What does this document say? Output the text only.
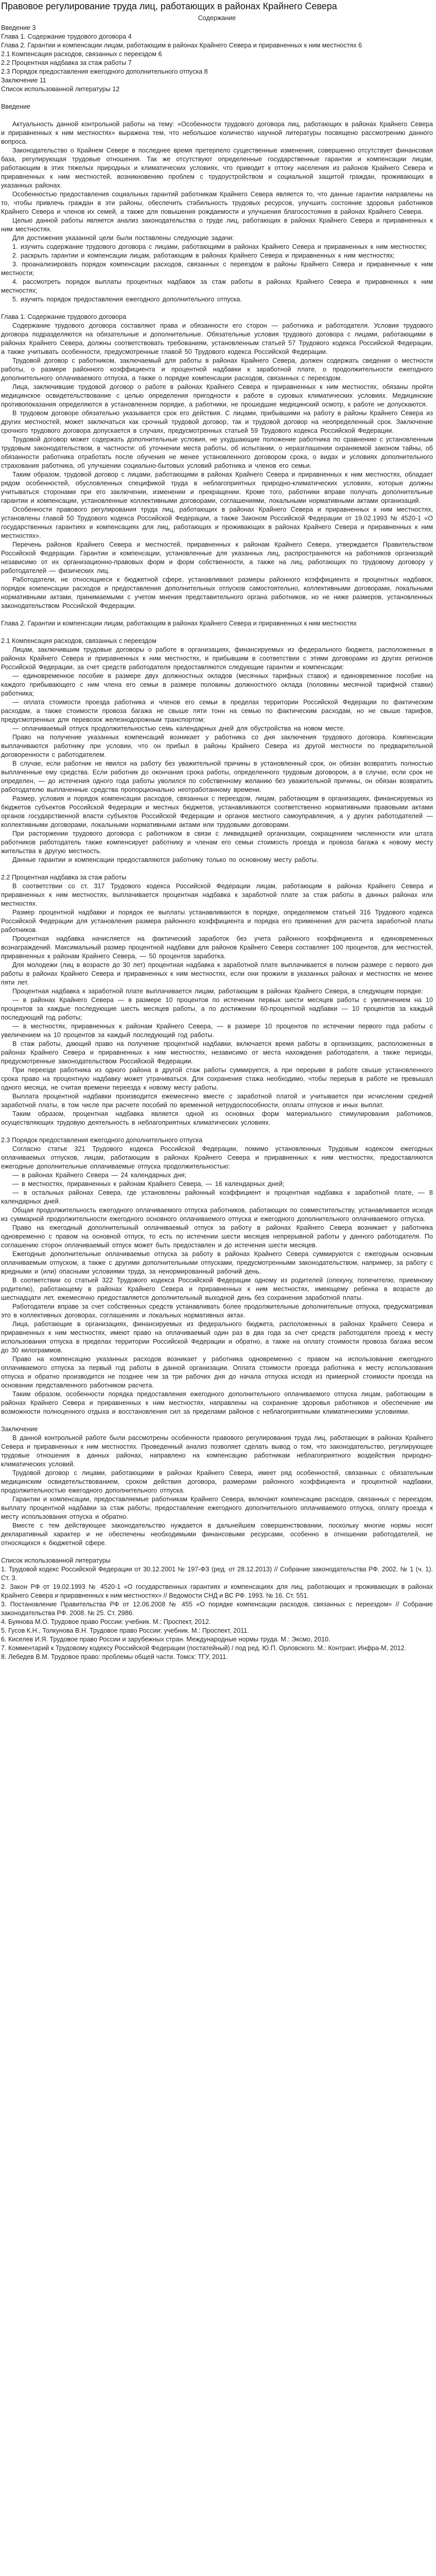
Правовое регулирование труда лиц, работающих в районах Крайнего Севера

Содержание

Введение 3

Глава 1. Содержание трудового договора 4

Глава 2. Гарантии и компенсации лицам, работающим в районах Крайнего Севера и приравненных к ним местностях 6

2.1 Компенсация расходов, связанных с переездом 6

2.2 Процентная надбавка за стаж работы 7

2.3 Порядок предоставления ежегодного дополнительного отпуска 8

Заключение 11

Список использованной литературы 12

Введение

Актуальность данной контрольной работы на тему: «Особенности трудового договора лиц, работающих в районах Крайнего Севера и приравненных к ним местностях» выражена тем, что небольшое количество научной литературы посвящено рассмотрению данного вопроса.

Законодательство о Крайнем Севере в последнее время претерпело существенные изменения, совершенно отсутствует финансовая база, регулирующая трудовые отношения. Так же отсутствуют определенные государственные гарантии и компенсации лицам, работающим в этих тяжелых природных и климатических условиях, что приводит к оттоку населения из районов Крайнего Севера и приравненных к ним местностей, возникновению проблем с трудоустройством и социальной защитой граждан, проживающих в указанных районах.

Особенностью предоставления социальных гарантий работникам Крайнего Севера является то, что данные гарантии направлены на то, чтобы привлечь граждан в эти районы, обеспечить стабильность трудовых ресурсов, улучшить состояние здоровья работников Крайнего Севера и членов их семей, а также для повышения рождаемости и улучшения благосостояния в районах Крайнего Севера.

Целью данной работы является анализ законодательства о труде лиц, работающих в районах Крайнего Севера и приравненных к ним местностях.

Для достижения указанной цели были поставлены следующие задачи:

1. изучить содержание трудового договора с лицами, работающими в районах Крайнего Севера и приравненных к ним местностях;

2. раскрыть гарантии и компенсации лицам, работающим в районах Крайнего Севера и приравненных к ним местностях;

3. проанализировать порядок компенсации расходов, связанных с переездом в районы Крайнего Севера и приравненные к ним местности;

4. рассмотреть порядок выплаты процентных надбавок за стаж работы в районах Крайнего Севера и приравненных к ним местностях;

5. изучить порядок предоставления ежегодного дополнительного отпуска.

Глава 1. Содержание трудового договора

Содержание трудового договора составляют права и обязанности его сторон — работника и работодателя. Условия трудового договора подразделяются на обязательные и дополнительные. Обязательные условия трудового договора с лицами, работающими в районах Крайнего Севера, должны соответствовать требованиям, установленным статьей 57 Трудового кодекса Российской Федерации, а также учитывать особенности, предусмотренные главой 50 Трудового кодекса Российской Федерации.

Трудовой договор с работником, заключаемый для работы в районах Крайнего Севера, должен содержать сведения о местности работы, о размере районного коэффициента и процентной надбавки к заработной плате, о продолжительности ежегодного дополнительного оплачиваемого отпуска, а также о порядке компенсации расходов, связанных с переездом.

Лица, заключившие трудовой договор о работе в районах Крайнего Севера и приравненных к ним местностях, обязаны пройти медицинское освидетельствование с целью определения пригодности к работе в суровых климатических условиях. Медицинские противопоказания определяются в установленном порядке, а работники, не прошедшие медицинский осмотр, к работе не допускаются.

В трудовом договоре обязательно указывается срок его действия. С лицами, прибывшими на работу в районы Крайнего Севера из других местностей, может заключаться как срочный трудовой договор, так и трудовой договор на неопределенный срок. Заключение срочного трудового договора допускается в случаях, предусмотренных статьей 59 Трудового кодекса Российской Федерации.

Трудовой договор может содержать дополнительные условия, не ухудшающие положение работника по сравнению с установленным трудовым законодательством, в частности: об уточнении места работы, об испытании, о неразглашении охраняемой законом тайны, об обязанности работника отработать после обучения не менее установленного договором срока, о видах и условиях дополнительного страхования работника, об улучшении социально-бытовых условий работника и членов его семьи.

Таким образом, трудовой договор с лицами, работающими в районах Крайнего Севера и приравненных к ним местностях, обладает рядом особенностей, обусловленных спецификой труда в неблагоприятных природно-климатических условиях, которые должны учитываться сторонами при его заключении, изменении и прекращении. Кроме того, работники вправе получать дополнительные гарантии и компенсации, установленные коллективными договорами, соглашениями, локальными нормативными актами организаций.

Особенности правового регулирования труда лиц, работающих в районах Крайнего Севера и приравненных к ним местностях, установлены главой 50 Трудового кодекса Российской Федерации, а также Законом Российской Федерации от 19.02.1993 № 4520-1 «О государственных гарантиях и компенсациях для лиц, работающих и проживающих в районах Крайнего Севера и приравненных к ним местностях».

Перечень районов Крайнего Севера и местностей, приравненных к районам Крайнего Севера, утверждается Правительством Российской Федерации. Гарантии и компенсации, установленные для указанных лиц, распространяются на работников организаций независимо от их организационно-правовых форм и форм собственности, а также на лиц, работающих по трудовому договору у работодателей — физических лиц.

Работодатели, не относящиеся к бюджетной сфере, устанавливают размеры районного коэффициента и процентных надбавок, порядок компенсации расходов и предоставления дополнительных отпусков самостоятельно, коллективными договорами, локальными нормативными актами, принимаемыми с учетом мнения представительного органа работников, но не ниже размеров, установленных законодательством Российской Федерации.

Глава 2. Гарантии и компенсации лицам, работающим в районах Крайнего Севера и приравненных к ним местностях

2.1 Компенсация расходов, связанных с переездом

Лицам, заключившим трудовые договоры о работе в организациях, финансируемых из федерального бюджета, расположенных в районах Крайнего Севера и приравненных к ним местностях, и прибывшим в соответствии с этими договорами из других регионов Российской Федерации, за счет средств работодателя предоставляются следующие гарантии и компенсации:

— единовременное пособие в размере двух должностных окладов (месячных тарифных ставок) и единовременное пособие на каждого прибывающего с ним члена его семьи в размере половины должностного оклада (половины месячной тарифной ставки) работника;

— оплата стоимости проезда работника и членов его семьи в пределах территории Российской Федерации по фактическим расходам, а также стоимости провоза багажа не свыше пяти тонн на семью по фактическим расходам, но не свыше тарифов, предусмотренных для перевозок железнодорожным транспортом;

— оплачиваемый отпуск продолжительностью семь календарных дней для обустройства на новом месте.

Право на получение указанных компенсаций возникает у работника со дня заключения трудового договора. Компенсации выплачиваются работнику при условии, что он прибыл в районы Крайнего Севера из другой местности по предварительной договоренности с работодателем.

В случае, если работник не явился на работу без уважительной причины в установленный срок, он обязан возвратить полностью выплаченные ему средства. Если работник до окончания срока работы, определенного трудовым договором, а в случае, если срок не определен, — до истечения одного года работы уволился по собственному желанию без уважительной причины, он обязан возвратить работодателю выплаченные средства пропорционально неотработанному времени.

Размер, условия и порядок компенсации расходов, связанных с переездом, лицам, работающим в организациях, финансируемых из бюджетов субъектов Российской Федерации и местных бюджетов, устанавливаются соответственно нормативными правовыми актами органов государственной власти субъектов Российской Федерации и органов местного самоуправления, а у других работодателей — коллективными договорами, локальными нормативными актами или трудовыми договорами.

При расторжении трудового договора с работником в связи с ликвидацией организации, сокращением численности или штата работников работодатель также компенсирует работнику и членам его семьи стоимость проезда и провоза багажа к новому месту жительства в другую местность.

Данные гарантии и компенсации предоставляются работнику только по основному месту работы.

2.2 Процентная надбавка за стаж работы

В соответствии со ст. 317 Трудового кодекса Российской Федерации лицам, работающим в районах Крайнего Севера и приравненных к ним местностях, выплачивается процентная надбавка к заработной плате за стаж работы в данных районах или местностях.

Размер процентной надбавки и порядок ее выплаты устанавливаются в порядке, определяемом статьей 316 Трудового кодекса Российской Федерации для установления размера районного коэффициента и порядка его применения для расчета заработной платы работников.

Процентная надбавка начисляется на фактический заработок без учета районного коэффициента и единовременных вознаграждений. Максимальный размер процентной надбавки для районов Крайнего Севера составляет 100 процентов, для местностей, приравненных к районам Крайнего Севера, — 50 процентов заработка.

Для молодежи (лиц в возрасте до 30 лет) процентная надбавка к заработной плате выплачивается в полном размере с первого дня работы в районах Крайнего Севера и приравненных к ним местностях, если они прожили в указанных районах и местностях не менее пяти лет.

Процентная надбавка к заработной плате выплачивается лицам, работающим в районах Крайнего Севера, в следующем порядке:

— в районах Крайнего Севера — в размере 10 процентов по истечении первых шести месяцев работы с увеличением на 10 процентов за каждые последующие шесть месяцев работы, а по достижении 60-процентной надбавки — 10 процентов за каждый последующий год работы;

— в местностях, приравненных к районам Крайнего Севера, — в размере 10 процентов по истечении первого года работы с увеличением на 10 процентов за каждый последующий год работы.

В стаж работы, дающий право на получение процентной надбавки, включается время работы в организациях, расположенных в районах Крайнего Севера и приравненных к ним местностях, независимо от места нахождения работодателя, а также периоды, предусмотренные законодательством Российской Федерации.

При переезде работника из одного района в другой стаж работы суммируется, а при перерыве в работе свыше установленного срока право на процентную надбавку может утрачиваться. Для сохранения стажа необходимо, чтобы перерыв в работе не превышал одного месяца, не считая времени переезда к новому месту работы.

Выплата процентной надбавки производится ежемесячно вместе с заработной платой и учитывается при исчислении средней заработной платы, в том числе при расчете пособий по временной нетрудоспособности, оплаты отпусков и иных выплат.

Таким образом, процентная надбавка является одной из основных форм материального стимулирования работников, осуществляющих трудовую деятельность в неблагоприятных климатических условиях.

2.3 Порядок предоставления ежегодного дополнительного отпуска

Согласно статье 321 Трудового кодекса Российской Федерации, помимо установленных Трудовым кодексом ежегодных оплачиваемых отпусков, лицам, работающим в районах Крайнего Севера и приравненных к ним местностях, предоставляются ежегодные дополнительные оплачиваемые отпуска продолжительностью:

— в районах Крайнего Севера — 24 календарных дня;

— в местностях, приравненных к районам Крайнего Севера, — 16 календарных дней;

— в остальных районах Севера, где установлены районный коэффициент и процентная надбавка к заработной плате, — 8 календарных дней.

Общая продолжительность ежегодного оплачиваемого отпуска работников, работающих по совместительству, устанавливается исходя из суммарной продолжительности ежегодного основного оплачиваемого отпуска и ежегодного дополнительного оплачиваемого отпуска.

Право на ежегодный дополнительный оплачиваемый отпуск за работу в районах Крайнего Севера возникает у работника одновременно с правом на основной отпуск, то есть по истечении шести месяцев непрерывной работы у данного работодателя. По соглашению сторон оплачиваемый отпуск может быть предоставлен и до истечения шести месяцев.

Ежегодные дополнительные оплачиваемые отпуска за работу в районах Крайнего Севера суммируются с ежегодным основным оплачиваемым отпуском, а также с другими дополнительными отпусками, предусмотренными законодательством, например, за работу с вредными и (или) опасными условиями труда, за ненормированный рабочий день.

В соответствии со статьей 322 Трудового кодекса Российской Федерации одному из родителей (опекуну, попечителю, приемному родителю), работающему в районах Крайнего Севера и приравненных к ним местностях, имеющему ребенка в возрасте до шестнадцати лет, ежемесячно предоставляется дополнительный выходной день без сохранения заработной платы.

Работодатели вправе за счет собственных средств устанавливать более продолжительные дополнительные отпуска, предусматривая это в коллективных договорах, соглашениях и локальных нормативных актах.

Лица, работающие в организациях, финансируемых из федерального бюджета, расположенных в районах Крайнего Севера и приравненных к ним местностях, имеют право на оплачиваемый один раз в два года за счет средств работодателя проезд к месту использования отпуска в пределах территории Российской Федерации и обратно, а также на оплату стоимости провоза багажа весом до 30 килограммов.

Право на компенсацию указанных расходов возникает у работника одновременно с правом на использование ежегодного оплачиваемого отпуска за первый год работы в данной организации. Оплата стоимости проезда работника к месту использования отпуска и обратно производится не позднее чем за три рабочих дня до начала отпуска исходя из примерной стоимости проезда на основании представленного работником расчета.

Таким образом, особенности порядка предоставления ежегодного дополнительного оплачиваемого отпуска лицам, работающим в районах Крайнего Севера и приравненных к ним местностях, направлены на сохранение здоровья работников и обеспечение им возможности полноценного отдыха и восстановления сил за пределами районов с неблагоприятными климатическими условиями.

Заключение

В данной контрольной работе были рассмотрены особенности правового регулирования труда лиц, работающих в районах Крайнего Севера и приравненных к ним местностях. Проведенный анализ позволяет сделать вывод о том, что законодательство, регулирующее трудовые отношения в данных районах, направлено на компенсацию работникам неблагоприятного воздействия природно-климатических условий.

Трудовой договор с лицами, работающими в районах Крайнего Севера, имеет ряд особенностей, связанных с обязательным медицинским освидетельствованием, сроком действия договора, размерами районного коэффициента и процентной надбавки, продолжительностью ежегодного дополнительного отпуска.

Гарантии и компенсации, предоставляемые работникам Крайнего Севера, включают компенсацию расходов, связанных с переездом, выплату процентной надбавки за стаж работы, предоставление ежегодного дополнительного оплачиваемого отпуска, оплату проезда к месту использования отпуска и обратно.

Вместе с тем действующее законодательство нуждается в дальнейшем совершенствовании, поскольку многие нормы носят декларативный характер и не обеспечены необходимыми финансовыми ресурсами, особенно в отношении работодателей, не относящихся к бюджетной сфере.

Список использованной литературы

1. Трудовой кодекс Российской Федерации от 30.12.2001 № 197-ФЗ (ред. от 28.12.2013) // Собрание законодательства РФ. 2002. № 1 (ч. 1). Ст. 3.

2. Закон РФ от 19.02.1993 № 4520-1 «О государственных гарантиях и компенсациях для лиц, работающих и проживающих в районах Крайнего Севера и приравненных к ним местностях» // Ведомости СНД и ВС РФ. 1993. № 16. Ст. 551.

3. Постановление Правительства РФ от 12.06.2008 № 455 «О порядке компенсации расходов, связанных с переездом» // Собрание законодательства РФ. 2008. № 25. Ст. 2986.

4. Буянова М.О. Трудовое право России: учебник. М.: Проспект, 2012.

5. Гусов К.Н., Толкунова В.Н. Трудовое право России: учебник. М.: Проспект, 2011.

6. Киселев И.Я. Трудовое право России и зарубежных стран. Международные нормы труда. М.: Эксмо, 2010.

7. Комментарий к Трудовому кодексу Российской Федерации (постатейный) / под ред. Ю.П. Орловского. М.: Контракт, Инфра-М, 2012.

8. Лебедев В.М. Трудовое право: проблемы общей части. Томск: ТГУ, 2011.
